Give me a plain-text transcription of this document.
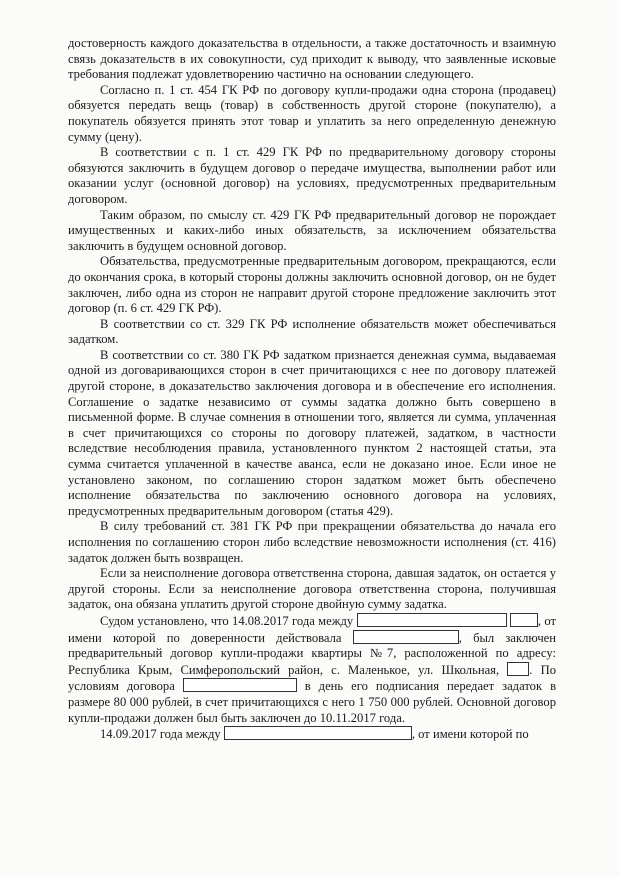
достоверность каждого доказательства в отдельности, а также достаточность и взаимную связь доказательств в их совокупности, суд приходит к выводу, что заявленные исковые требования подлежат удовлетворению частично на основании следующего.

Согласно п. 1 ст. 454 ГК РФ по договору купли-продажи одна сторона (продавец) обязуется передать вещь (товар) в собственность другой стороне (покупателю), а покупатель обязуется принять этот товар и уплатить за него определенную денежную сумму (цену).

В соответствии с п. 1 ст. 429 ГК РФ по предварительному договору стороны обязуются заключить в будущем договор о передаче имущества, выполнении работ или оказании услуг (основной договор) на условиях, предусмотренных предварительным договором.

Таким образом, по смыслу ст. 429 ГК РФ предварительный договор не порождает имущественных и каких-либо иных обязательств, за исключением обязательства заключить в будущем основной договор.

Обязательства, предусмотренные предварительным договором, прекращаются, если до окончания срока, в который стороны должны заключить основной договор, он не будет заключен, либо одна из сторон не направит другой стороне предложение заключить этот договор (п. 6 ст. 429 ГК РФ).

В соответствии со ст. 329 ГК РФ исполнение обязательств может обеспечиваться задатком.

В соответствии со ст. 380 ГК РФ задатком признается денежная сумма, выдаваемая одной из договаривающихся сторон в счет причитающихся с нее по договору платежей другой стороне, в доказательство заключения договора и в обеспечение его исполнения. Соглашение о задатке независимо от суммы задатка должно быть совершено в письменной форме. В случае сомнения в отношении того, является ли сумма, уплаченная в счет причитающихся со стороны по договору платежей, задатком, в частности вследствие несоблюдения правила, установленного пунктом 2 настоящей статьи, эта сумма считается уплаченной в качестве аванса, если не доказано иное. Если иное не установлено законом, по соглашению сторон задатком может быть обеспечено исполнение обязательства по заключению основного договора на условиях, предусмотренных предварительным договором (статья 429).

В силу требований ст. 381 ГК РФ при прекращении обязательства до начала его исполнения по соглашению сторон либо вследствие невозможности исполнения (ст. 416) задаток должен быть возвращен.

Если за неисполнение договора ответственна сторона, давшая задаток, он остается у другой стороны. Если за неисполнение договора ответственна сторона, получившая задаток, она обязана уплатить другой стороне двойную сумму задатка.

Судом установлено, что 14.08.2017 года между	, от имени которой по доверенности действовала	, был заключен предварительный договор купли-продажи квартиры №7, расположенной по адресу: Республика Крым, Симферопольский район, с. Маленькое, ул. Школьная, . По условиям договора	в день его подписания передает задаток в размере 80 000 рублей, в счет причитающихся с него 1 750 000 рублей. Основной договор купли-продажи должен был быть заключен до 10.11.2017 года.

14.09.2017 года между	, от имени которой по
